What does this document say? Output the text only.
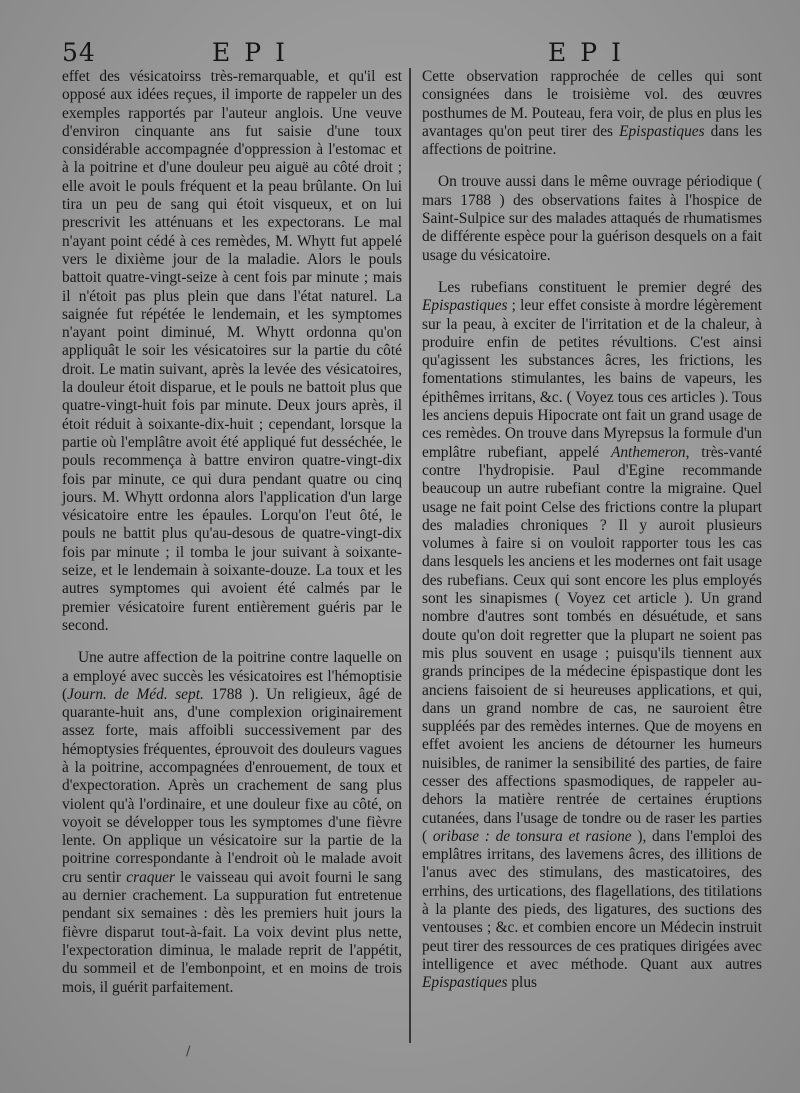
54	EPI	EPI

effet des vésicatoirss très-remarquable, et qu'il est opposé aux idées reçues, il importe de rappeler un des exemples rapportés par l'auteur anglois. Une veuve d'environ cinquante ans fut saisie d'une toux considérable accompagnée d'oppression à l'estomac et à la poitrine et d'une douleur peu aiguë au côté droit ; elle avoit le pouls fréquent et la peau brûlante. On lui tira un peu de sang qui étoit visqueux, et on lui prescrivit les atténuans et les expectorans. Le mal n'ayant point cédé à ces remèdes, M. Whytt fut appelé vers le dixième jour de la maladie. Alors le pouls battoit quatre-vingt-seize à cent fois par minute ; mais il n'étoit pas plus plein que dans l'état naturel. La saignée fut répétée le lendemain, et les symptomes n'ayant point diminué, M. Whytt ordonna qu'on appliquât le soir les vésicatoires sur la partie du côté droit. Le matin suivant, après la levée des vésicatoires, la douleur étoit disparue, et le pouls ne battoit plus que quatre-vingt-huit fois par minute. Deux jours après, il étoit réduit à soixante-dix-huit ; cependant, lorsque la partie où l'emplâtre avoit été appliqué fut desséchée, le pouls recommença à battre environ quatre-vingt-dix fois par minute, ce qui dura pendant quatre ou cinq jours. M. Whytt ordonna alors l'application d'un large vésicatoire entre les épaules. Lorqu'on l'eut ôté, le pouls ne battit plus qu'au-desous de quatre-vingt-dix fois par minute ; il tomba le jour suivant à soixante-seize, et le lendemain à soixante-douze. La toux et les autres symptomes qui avoient été calmés par le premier vésicatoire furent entièrement guéris par le second.

Une autre affection de la poitrine contre laquelle on a employé avec succès les vésicatoires est l'hémoptisie (Journ. de Méd. sept. 1788 ). Un religieux, âgé de quarante-huit ans, d'une complexion originairement assez forte, mais affoibli successivement par des hémoptysies fréquentes, éprouvoit des douleurs vagues à la poitrine, accompagnées d'enrouement, de toux et d'expectoration. Après un crachement de sang plus violent qu'à l'ordinaire, et une douleur fixe au côté, on voyoit se développer tous les symptomes d'une fièvre lente. On applique un vésicatoire sur la partie de la poitrine correspondante à l'endroit où le malade avoit cru sentir craquer le vaisseau qui avoit fourni le sang au dernier crachement. La suppuration fut entretenue pendant six semaines : dès les premiers huit jours la fièvre disparut tout-à-fait. La voix devint plus nette, l'expectoration diminua, le malade reprit de l'appétit, du sommeil et de l'embonpoint, et en moins de trois mois, il guérit parfaitement.

Cette observation rapprochée de celles qui sont consignées dans le troisième vol. des œuvres posthumes de M. Pouteau, fera voir, de plus en plus les avantages qu'on peut tirer des Epispastiques dans les affections de poitrine.

On trouve aussi dans le même ouvrage périodique ( mars 1788 ) des observations faites à l'hospice de Saint-Sulpice sur des malades attaqués de rhumatismes de différente espèce pour la guérison desquels on a fait usage du vésicatoire.

Les rubefians constituent le premier degré des Epispastiques ; leur effet consiste à mordre légèrement sur la peau, à exciter de l'irritation et de la chaleur, à produire enfin de petites révultions. C'est ainsi qu'agissent les substances âcres, les frictions, les fomentations stimulantes, les bains de vapeurs, les épithêmes irritans, &c. ( Voyez tous ces articles ). Tous les anciens depuis Hipocrate ont fait un grand usage de ces remèdes. On trouve dans Myrepsus la formule d'un emplâtre rubefiant, appelé Anthemeron, très-vanté contre l'hydropisie. Paul d'Egine recommande beaucoup un autre rubefiant contre la migraine. Quel usage ne fait point Celse des frictions contre la plupart des maladies chroniques ? Il y auroit plusieurs volumes à faire si on vouloit rapporter tous les cas dans lesquels les anciens et les modernes ont fait usage des rubefians. Ceux qui sont encore les plus employés sont les sinapismes ( Voyez cet article ). Un grand nombre d'autres sont tombés en désuétude, et sans doute qu'on doit regretter que la plupart ne soient pas mis plus souvent en usage ; puisqu'ils tiennent aux grands principes de la médecine épispastique dont les anciens faisoient de si heureuses applications, et qui, dans un grand nombre de cas, ne sauroient être suppléés par des remèdes internes. Que de moyens en effet avoient les anciens de détourner les humeurs nuisibles, de ranimer la sensibilité des parties, de faire cesser des affections spasmodiques, de rappeler au-dehors la matière rentrée de certaines éruptions cutanées, dans l'usage de tondre ou de raser les parties ( oribase : de tonsura et rasione ), dans l'emploi des emplâtres irritans, des lavemens âcres, des illitions de l'anus avec des stimulans, des masticatoires, des errhins, des urtications, des flagellations, des titilations à la plante des pieds, des ligatures, des suctions des ventouses ; &c. et combien encore un Médecin instruit peut tirer des ressources de ces pratiques dirigées avec intelligence et avec méthode. Quant aux autres Epispastiques plus

/
